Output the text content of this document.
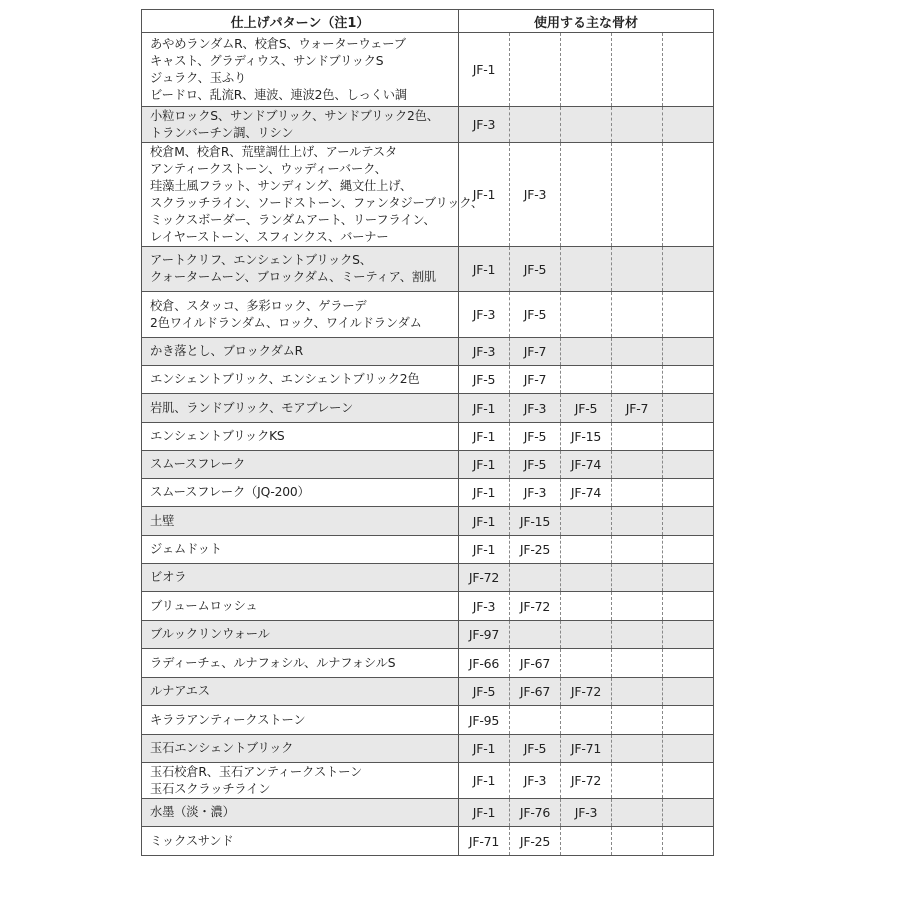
仕上げパターン（注1）	使用する主な骨材
あやめランダムR、校倉S、ウォーターウェーブ
キャスト、グラディウス、サンドブリックS
ジュラク、玉ふり
ビードロ、乱流R、連波、連波2色、しっくい調
JF-1
小粒ロックS、サンドブリック、サンドブリック2色、
トランバーチン調、リシン
JF-3
校倉M、校倉R、荒壁調仕上げ、アールテスタ
アンティークストーン、ウッディーバーク、
珪藻土風フラット、サンディング、縄文仕上げ、
スクラッチライン、ソードストーン、ファンタジーブリック、
ミックスボーダー、ランダムアート、リーフライン、
レイヤーストーン、スフィンクス、バーナー
JF-1	JF-3
アートクリフ、エンシェントブリックS、
クォータームーン、ブロックダム、ミーティア、割肌
JF-1	JF-5
校倉、スタッコ、多彩ロック、ゲラーデ
2色ワイルドランダム、ロック、ワイルドランダム
JF-3	JF-5
かき落とし、ブロックダムR	JF-3	JF-7
エンシェントブリック、エンシェントブリック2色	JF-5	JF-7
岩肌、ランドブリック、モアブレーン	JF-1	JF-3	JF-5	JF-7
エンシェントブリックKS	JF-1	JF-5	JF-15
スムースフレーク	JF-1	JF-5	JF-74
スムースフレーク（JQ-200）	JF-1	JF-3	JF-74
土壁	JF-1	JF-15
ジェムドット	JF-1	JF-25
ビオラ	JF-72
ブリュームロッシュ	JF-3	JF-72
ブルックリンウォール	JF-97
ラディーチェ、ルナフォシル、ルナフォシルS	JF-66	JF-67
ルナアエス	JF-5	JF-67	JF-72
キララアンティークストーン	JF-95
玉石エンシェントブリック	JF-1	JF-5	JF-71
玉石校倉R、玉石アンティークストーン
玉石スクラッチライン
JF-1	JF-3	JF-72
水墨（淡・濃）	JF-1	JF-76	JF-3
ミックスサンド	JF-71	JF-25
